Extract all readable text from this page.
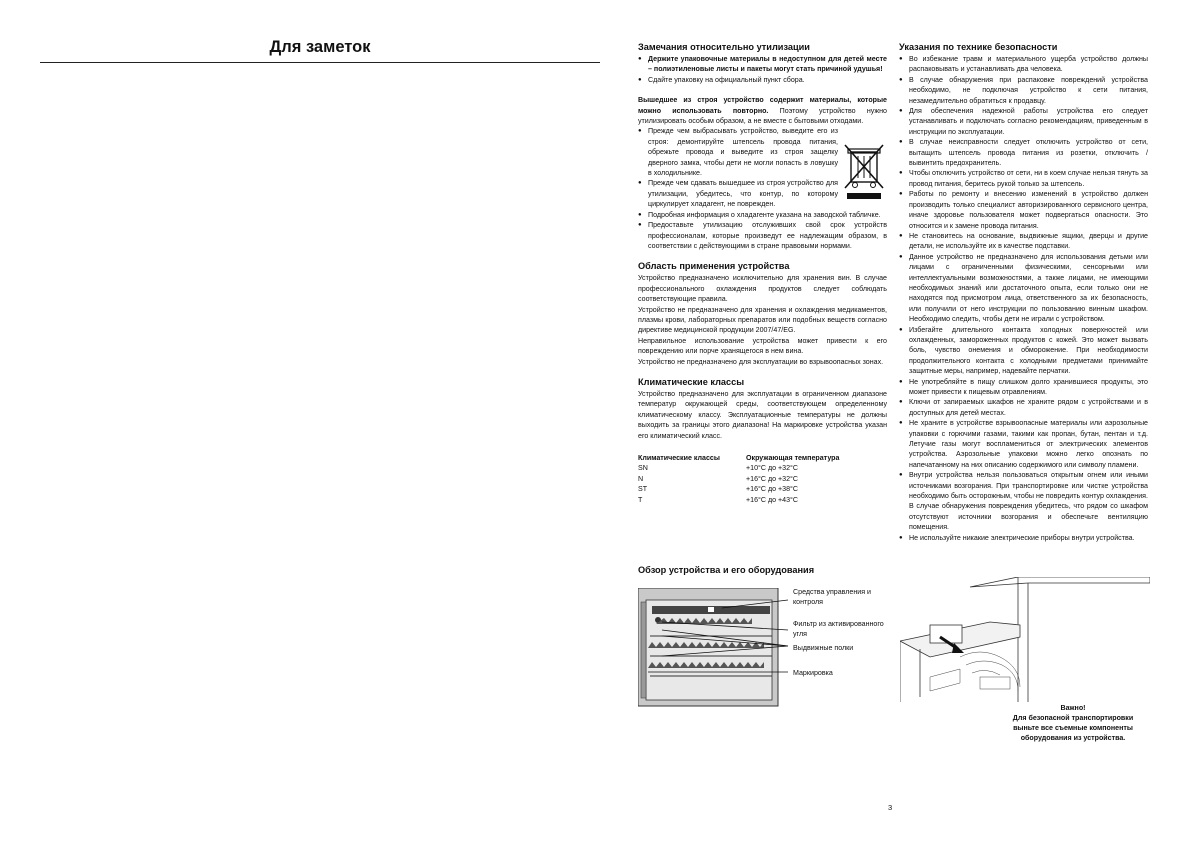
Для заметок	Замечания относительно утилизации
● Держите упаковочные материалы в недоступном для детей месте – полиэтиленовые листы и пакеты могут стать причиной удушья!
● Сдайте упаковку на официальный пункт сбора.

Вышедшее из строя устройство содержит материалы, которые можно использовать повторно. Поэтому устройство нужно утилизировать особым образом, а не вместе с бытовыми отходами.

● Прежде чем выбрасывать устройство, выведите его из строя: демонтируйте штепсель провода питания, обрежьте провода и выведите из строя защелку дверного замка, чтобы дети не могли попасть в ловушку в холодильнике.
● Прежде чем сдавать вышедшее из строя устройство для утилизации, убедитесь, что контур, по которому циркулирует хладагент, не поврежден.
● Подробная информация о хладагенте указана на заводской табличке.
● Предоставьте утилизацию отслуживших свой срок устройств профессионалам, которые произведут ее надлежащим образом, в соответствии с действующими в стране правовыми нормами.
Область применения устройства

Устройство предназначено исключительно для хранения вин. В случае профессионального охлаждения продуктов следует соблюдать соответствующие правила.

Устройство не предназначено для хранения и охлаждения медикаментов, плазмы крови, лабораторных препаратов или подобных веществ согласно директиве медицинской продукции 2007/47/EG.

Неправильное использование устройства может привести к его повреждению или порче хранящегося в нем вина.

Устройство не предназначено для эксплуатации во взрывоопасных зонах.

Климатические классы

Устройство предназначено для эксплуатации в ограниченном диапазоне температур окружающей среды, соответствующем определенному климатическому классу. Эксплуатационные температуры не должны выходить за границы этого диапазона! На маркировке устройства указан его климатический класс.

Климатические классы	Окружающая температура
SN	+10°C до +32°C
N	+16°C до +32°C
ST	+16°C до +38°C
T	+16°C до +43°C
Указания по технике безопасности
● Во избежание травм и материального ущерба устройство должны распаковывать и устанавливать два человека.
● В случае обнаружения при распаковке повреждений устройства необходимо, не подключая устройство к сети питания, незамедлительно обратиться к продавцу.
● Для обеспечения надежной работы устройства его следует устанавливать и подключать согласно рекомендациям, приведенным в инструкции по эксплуатации.
● В случае неисправности следует отключить устройство от сети, вытащить штепсель провода питания из розетки, отключить / вывинтить предохранитель.
● Чтобы отключить устройство от сети, ни в коем случае нельзя тянуть за провод питания, беритесь рукой только за штепсель.
● Работы по ремонту и внесению изменений в устройство должен производить только специалист авторизированного сервисного центра, иначе здоровье пользователя может подвергаться опасности. Это относится и к замене провода питания.
● Не становитесь на основание, выдвижные ящики, дверцы и другие детали, не используйте их в качестве подставки.
● Данное устройство не предназначено для использования детьми или лицами с ограниченными физическими, сенсорными или интеллектуальными возможностями, а также лицами, не имеющими необходимых знаний или достаточного опыта, если только они не находятся под присмотром лица, ответственного за их безопасность, или получили от него инструкции по пользованию винным шкафом. Необходимо следить, чтобы дети не играли с устройством.
● Избегайте длительного контакта холодных поверхностей или охлажденных, замороженных продуктов с кожей. Это может вызвать боль, чувство онемения и обморожение. При необходимости продолжительного контакта с холодными предметами принимайте защитные меры, например, надевайте перчатки.
● Не употребляйте в пищу слишком долго хранившиеся продукты, это может привести к пищевым отравлениям.
● Ключи от запираемых шкафов не храните рядом с устройствами и в доступных для детей местах.
● Не храните в устройстве взрывоопасные материалы или аэрозольные упаковки с горючими газами, такими как пропан, бутан, пентан и т.д. Летучие газы могут воспламениться от электрических элементов устройства. Аэрозольные упаковки можно легко опознать по напечатанному на них описанию содержимого или символу пламени.
● Внутри устройства нельзя пользоваться открытым огнем или иными источниками возгорания. При транспортировке или чистке устройства необходимо быть осторожным, чтобы не повредить контур охлаждения. В случае обнаружения повреждения убедитесь, что рядом со шкафом отсутствуют источники возгорания и обеспечьте вентиляцию помещения.
● Не используйте никакие электрические приборы внутри устройства.
Обзор устройства и его оборудования
Средства управления и контроля
Фильтр из активированного угля
Выдвижные полки
Маркировка
Важно!
Для безопасной транспортировки выньте все съемные компоненты оборудования из устройства.
3
